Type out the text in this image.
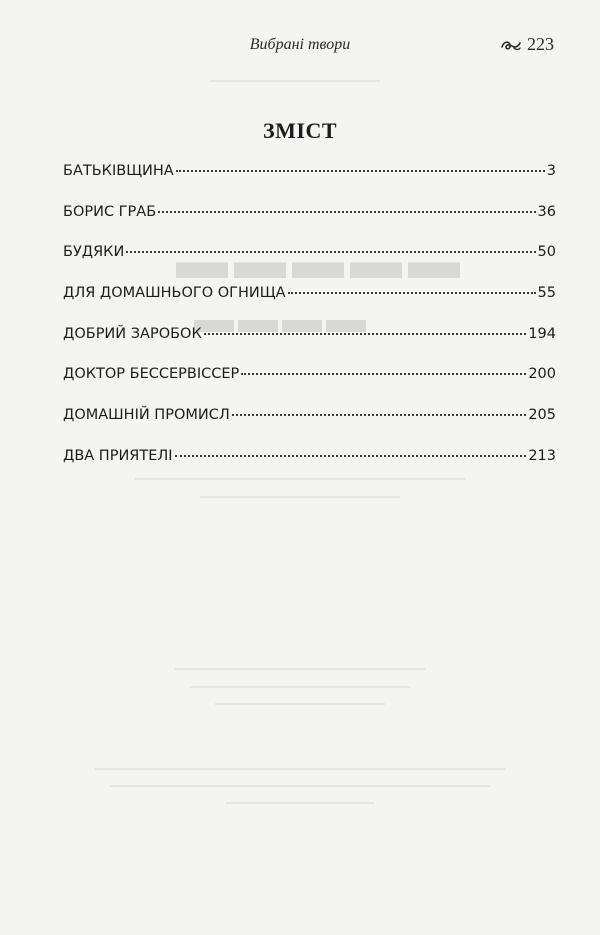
▬▬▬▬▬
▬▬▬▬
Вибрані твори	223
ЗМІСТ
БАТЬКІВЩИНА	3
БОРИС ГРАБ	36
БУДЯКИ	50
ДЛЯ ДОМАШНЬОГО ОГНИЩА	55
ДОБРИЙ ЗАРОБОК	194
ДОКТОР БЕССЕРВІССЕР	200
ДОМАШНІЙ ПРОМИСЛ	205
ДВА ПРИЯТЕЛІ	213
